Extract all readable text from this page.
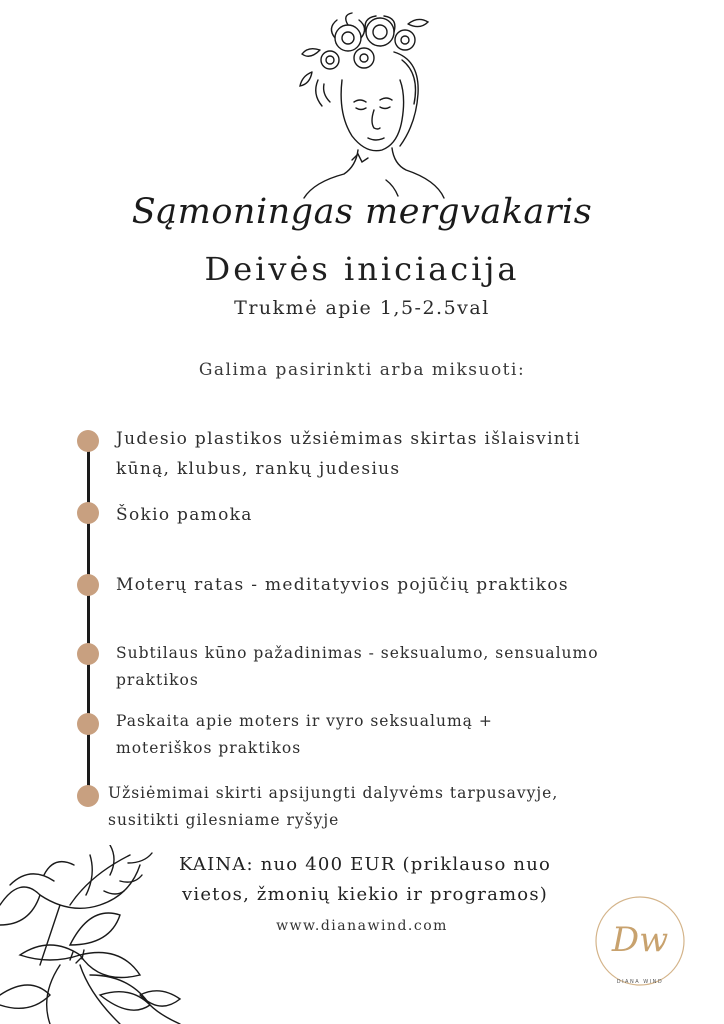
Sąmoningas mergvakaris
Deivės iniciacija
Trukmė apie 1,5-2.5val
Galima pasirinkti arba miksuoti:
Judesio plastikos užsiėmimas skirtas išlaisvinti
kūną, klubus, rankų judesius
Šokio pamoka
Moterų ratas - meditatyvios pojūčių praktikos
Subtilaus kūno pažadinimas - seksualumo, sensualumo
praktikos
Paskaita apie moters ir vyro seksualumą +
moteriškos praktikos
Užsiėmimai skirti apsijungti dalyvėms tarpusavyje,
susitikti gilesniame ryšyje
KAINA: nuo 400 EUR (priklauso nuo
vietos, žmonių kiekio ir programos)
www.dianawind.com	Dw
DIANA WIND
